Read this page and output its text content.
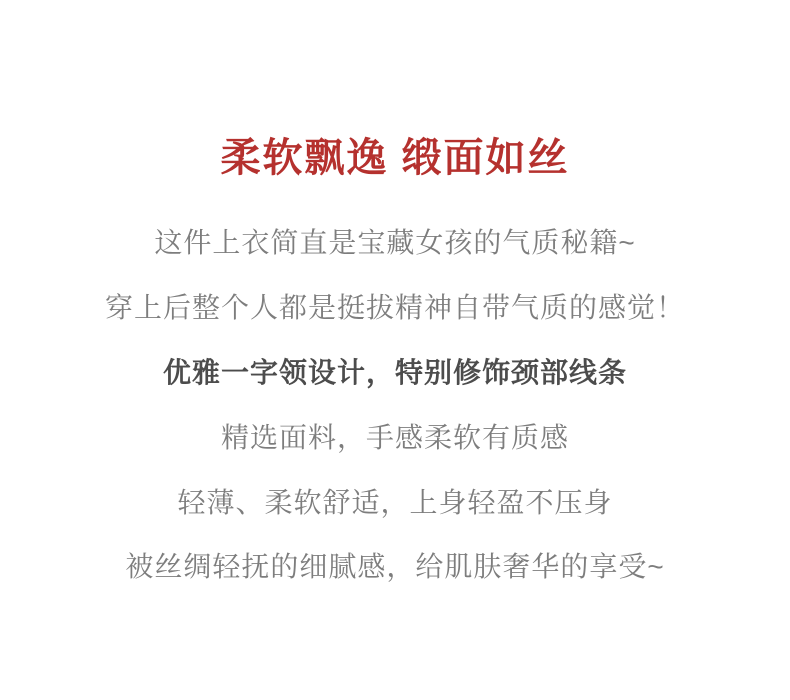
柔软飘逸 缎面如丝

这件上衣简直是宝藏女孩的气质秘籍~

穿上后整个人都是挺拔精神自带气质的感觉！

优雅一字领设计，特别修饰颈部线条

精选面料，手感柔软有质感

轻薄、柔软舒适，上身轻盈不压身

被丝绸轻抚的细腻感，给肌肤奢华的享受~
